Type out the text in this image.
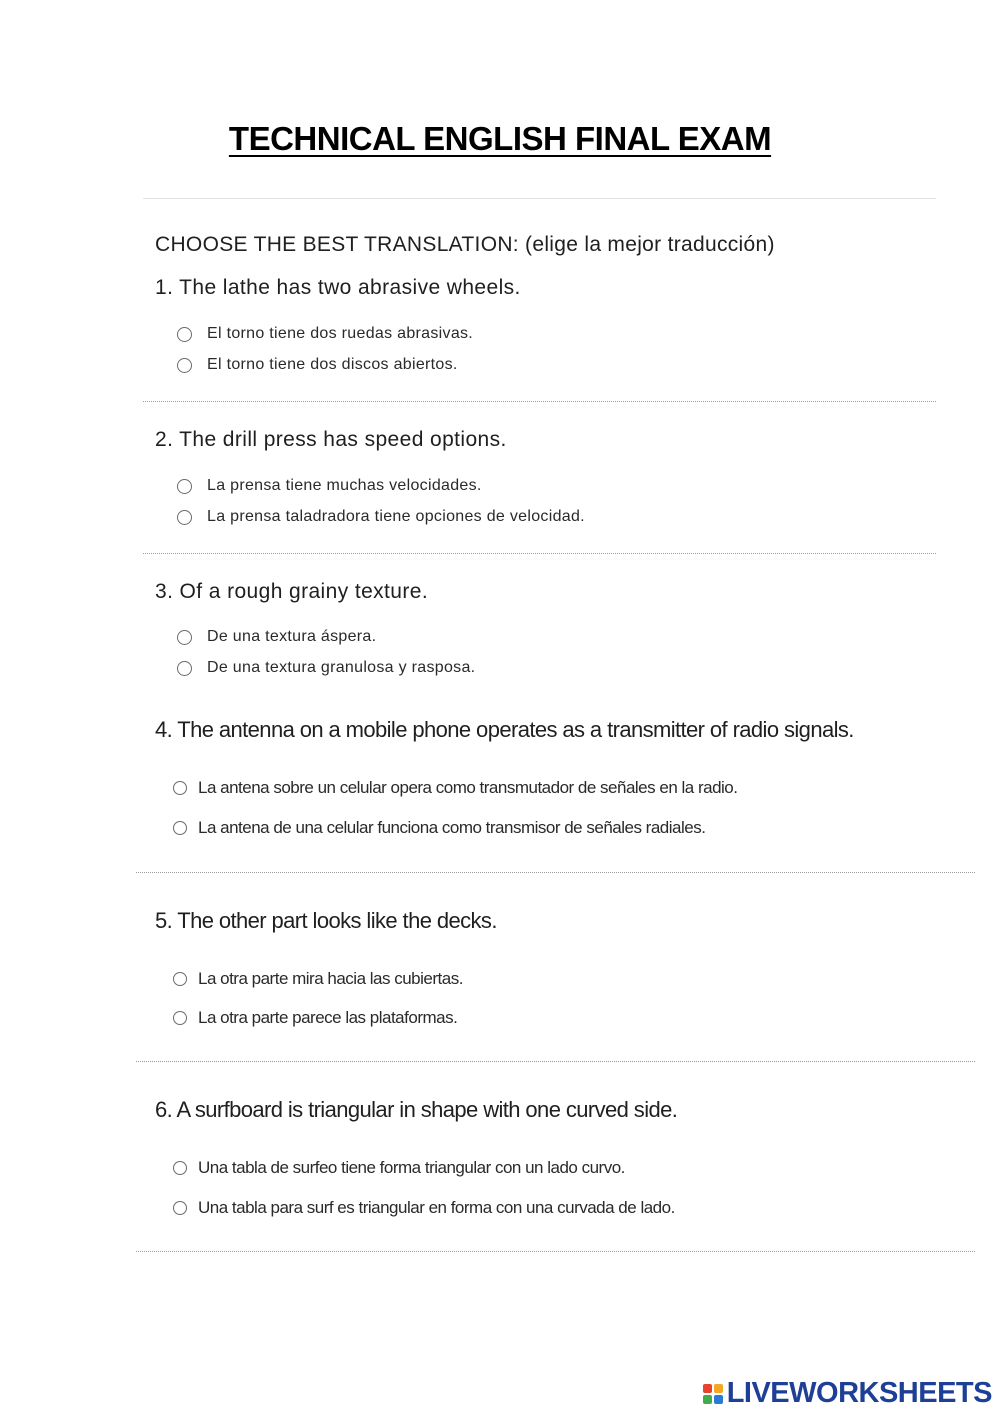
TECHNICAL ENGLISH FINAL EXAM
CHOOSE THE BEST TRANSLATION: (elige la mejor traducción)
1. The lathe has two abrasive wheels.
El torno tiene dos ruedas abrasivas.
El torno tiene dos discos abiertos.
2. The drill press has speed options.
La prensa tiene muchas velocidades.
La prensa taladradora tiene opciones de velocidad.
3. Of a rough grainy texture.
De una textura áspera.
De una textura granulosa y rasposa.
4. The antenna on a mobile phone operates as a transmitter of radio signals.
La antena sobre un celular opera como transmutador de señales en la radio.
La antena de una celular funciona como transmisor de señales radiales.
5. The other part looks like the decks.
La otra parte mira hacia las cubiertas.
La otra parte parece las plataformas.
6. A surfboard is triangular in shape with one curved side.
Una tabla de surfeo tiene forma triangular con un lado curvo.
Una tabla para surf es triangular en forma con una curvada de lado.
LIVEWORKSHEETS
